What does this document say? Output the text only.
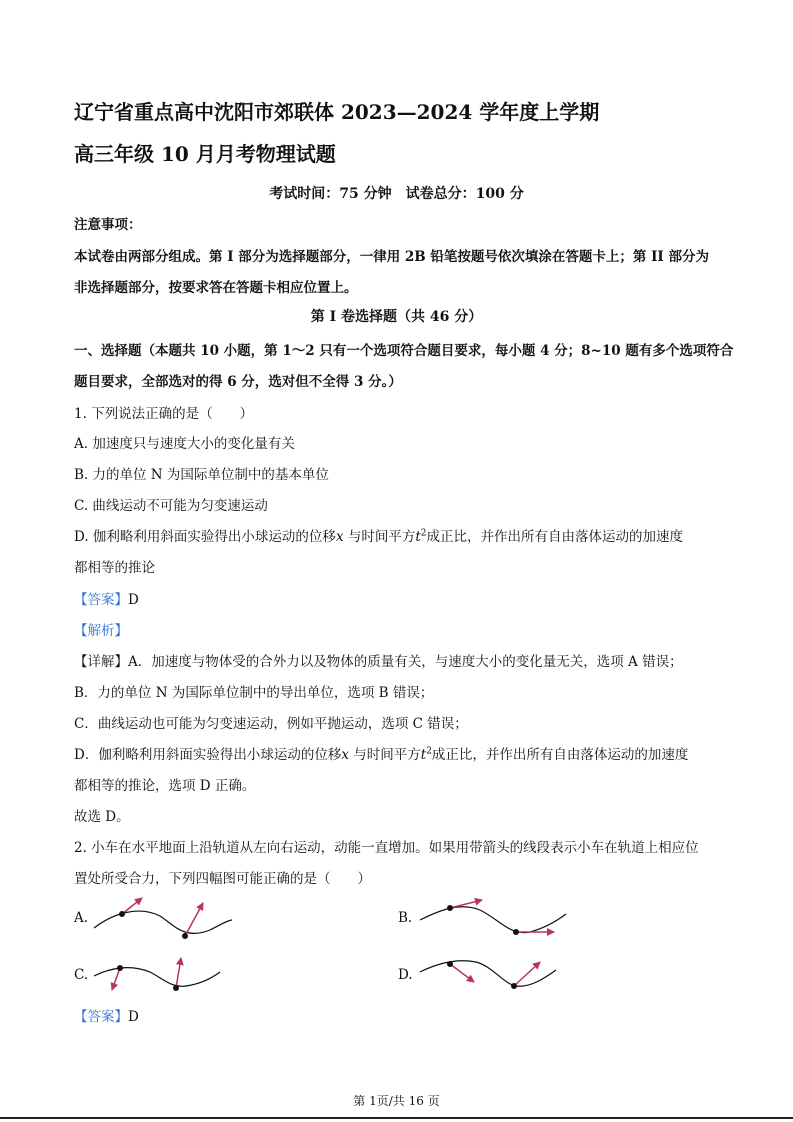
辽宁省重点高中沈阳市郊联体 2023—2024 学年度上学期
高三年级 10 月月考物理试题
考试时间：75 分钟　试卷总分：100 分
注意事项：
本试卷由两部分组成。第 I 部分为选择题部分，一律用 2B 铅笔按题号依次填涂在答题卡上；第 II 部分为
非选择题部分，按要求答在答题卡相应位置上。
第 I 卷选择题（共 46 分）
一、选择题（本题共 10 小题，第 1～2 只有一个选项符合题目要求，每小题 4 分；8~10 题有多个选项符合
题目要求，全部选对的得 6 分，选对但不全得 3 分。）
1. 下列说法正确的是（　　）
A. 加速度只与速度大小的变化量有关
B. 力的单位 N 为国际单位制中的基本单位
C. 曲线运动不可能为匀变速运动
D. 伽利略利用斜面实验得出小球运动的位移x 与时间平方$t^2$成正比，并作出所有自由落体运动的加速度
都相等的推论
【答案】D
【解析】
【详解】A．加速度与物体受的合外力以及物体的质量有关，与速度大小的变化量无关，选项 A 错误；
B．力的单位 N 为国际单位制中的导出单位，选项 B 错误；
C．曲线运动也可能为匀变速运动，例如平抛运动，选项 C 错误；
D．伽利略利用斜面实验得出小球运动的位移x 与时间平方$t^2$成正比，并作出所有自由落体运动的加速度
都相等的推论，选项 D 正确。
故选 D。
2. 小车在水平地面上沿轨道从左向右运动，动能一直增加。如果用带箭头的线段表示小车在轨道上相应位
置处所受合力，下列四幅图可能正确的是（　　）
A.	B.
C.	D.
【答案】D
第 1页/共 16 页
